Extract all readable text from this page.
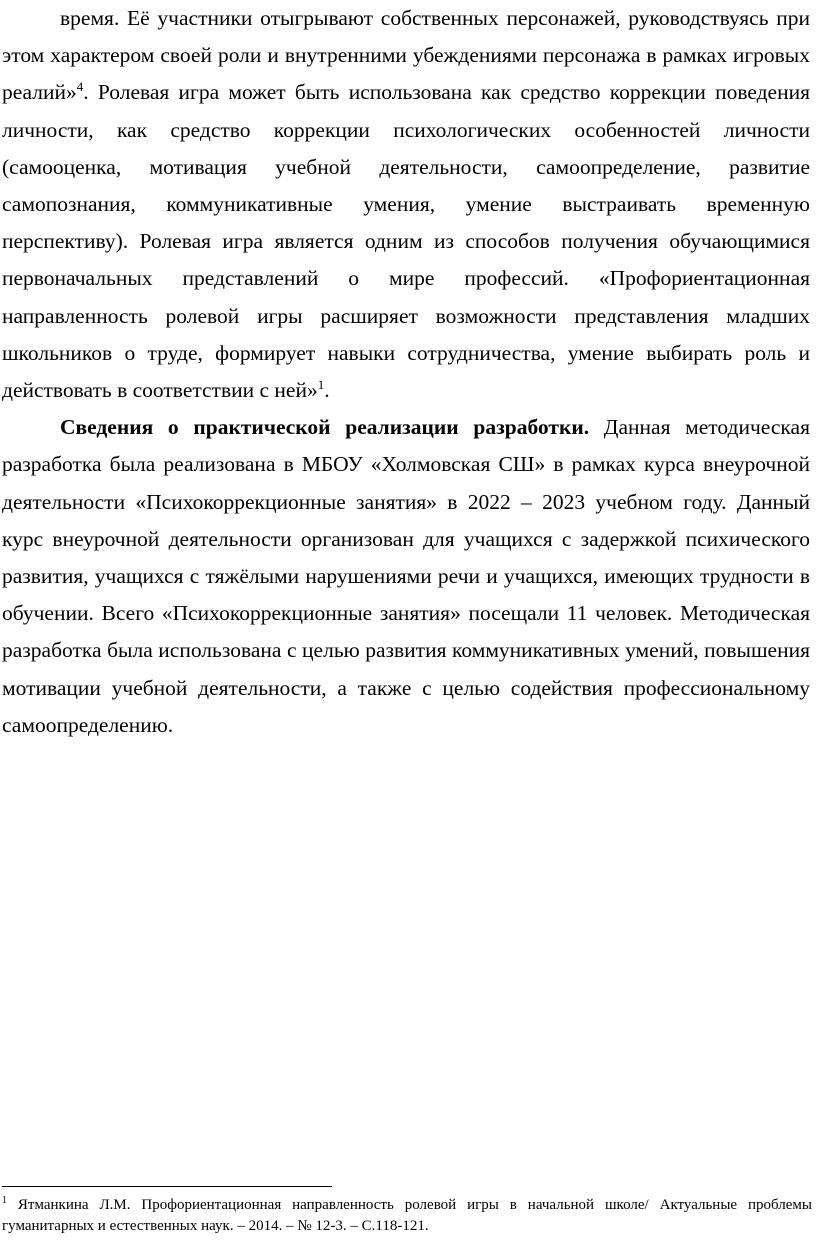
время. Её участники отыгрывают собственных персонажей, руководствуясь при этом характером своей роли и внутренними убеждениями персонажа в рамках игровых реалий»$^4$. Ролевая игра может быть использована как средство коррекции поведения личности, как средство коррекции психологических особенностей личности (самооценка, мотивация учебной деятельности, самоопределение, развитие самопознания, коммуникативные умения, умение выстраивать временную перспективу). Ролевая игра является одним из способов получения обучающимися первоначальных представлений о мире профессий. «Профориентационная направленность ролевой игры расширяет возможности представления младших школьников о труде, формирует навыки сотрудничества, умение выбирать роль и действовать в соответствии с ней»$^1$.

Сведения о практической реализации разработки. Данная методическая разработка была реализована в МБОУ «Холмовская СШ» в рамках курса внеурочной деятельности «Психокоррекционные занятия» в 2022 – 2023 учебном году. Данный курс внеурочной деятельности организован для учащихся с задержкой психического развития, учащихся с тяжёлыми нарушениями речи и учащихся, имеющих трудности в обучении. Всего «Психокоррекционные занятия» посещали 11 человек. Методическая разработка была использована с целью развития коммуникативных умений, повышения мотивации учебной деятельности, а также с целью содействия профессиональному самоопределению.

$^1$ Ятманкина Л.М. Профориентационная направленность ролевой игры в начальной школе/ Актуальные проблемы гуманитарных и естественных наук. – 2014. – № 12-3. – С.118-121.
